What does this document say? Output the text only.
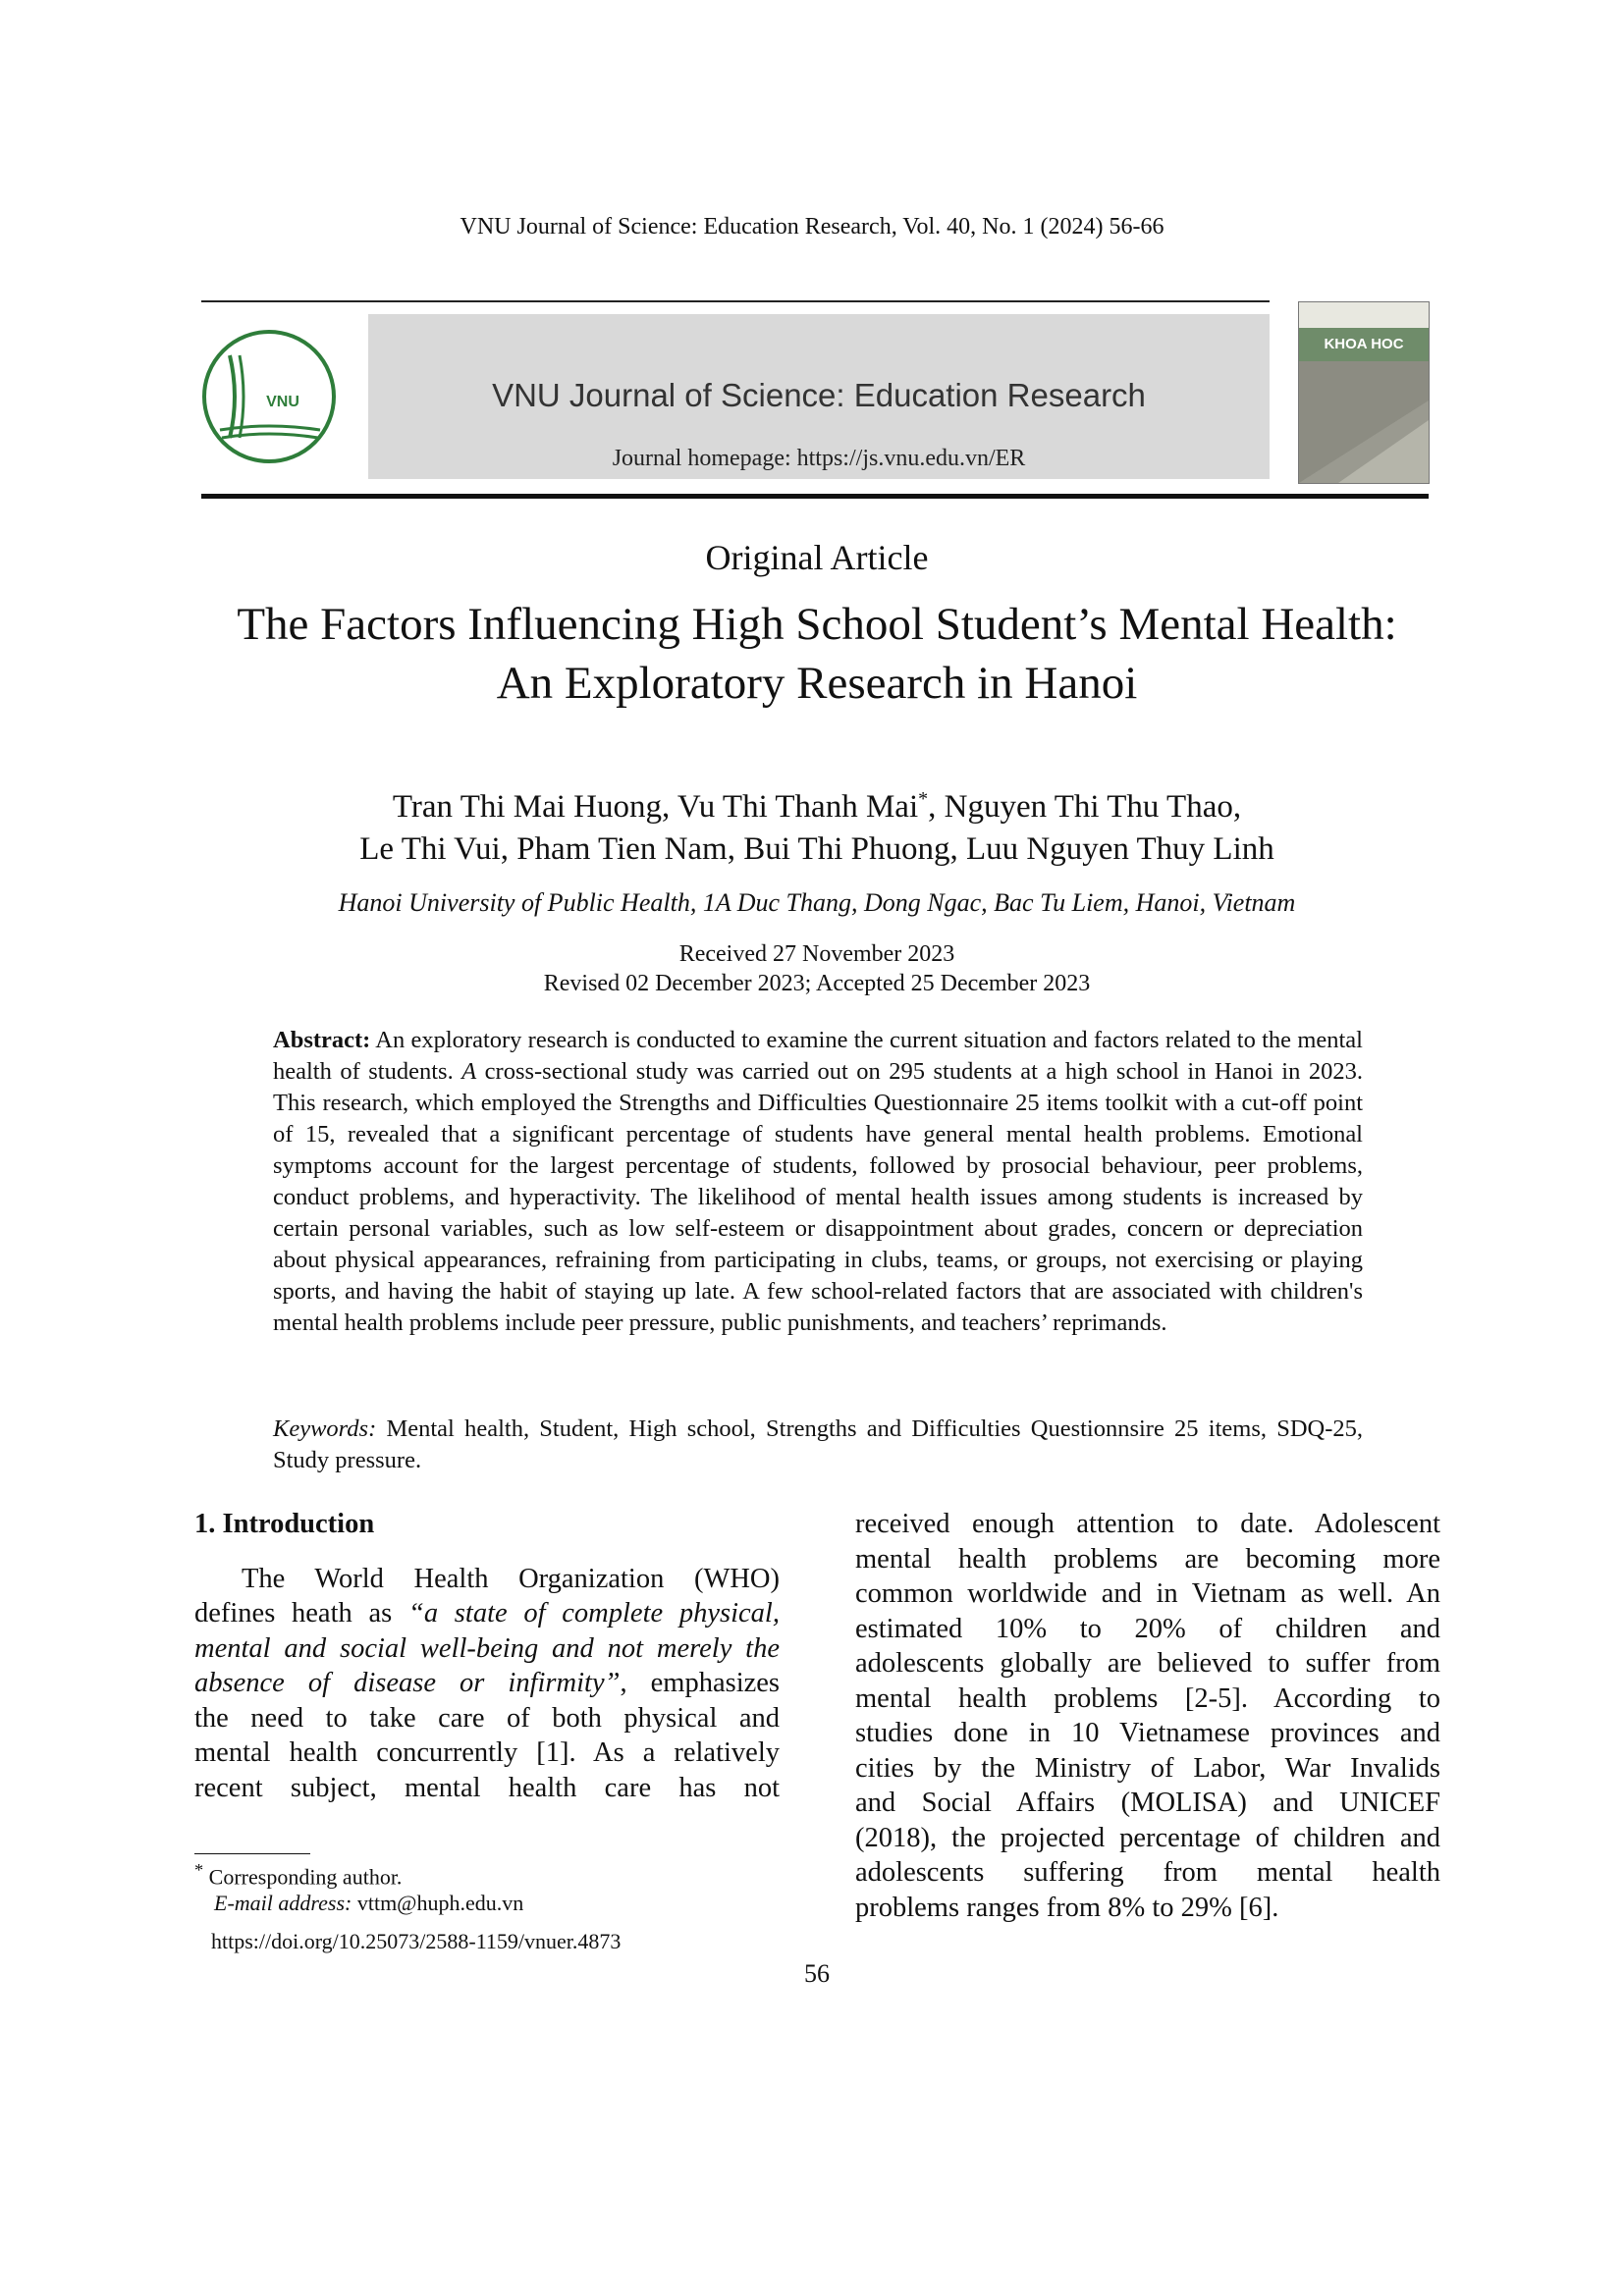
VNU Journal of Science: Education Research, Vol. 40, No. 1 (2024) 56-66
VNU	VNU Journal of Science: Education Research
Journal homepage: https://js.vnu.edu.vn/ER
KHOA HOC
Original Article
The Factors Influencing High School Student’s Mental Health:
An Exploratory Research in Hanoi
Tran Thi Mai Huong, Vu Thi Thanh Mai*, Nguyen Thi Thu Thao,
Le Thi Vui, Pham Tien Nam, Bui Thi Phuong, Luu Nguyen Thuy Linh
Hanoi University of Public Health, 1A Duc Thang, Dong Ngac, Bac Tu Liem, Hanoi, Vietnam
Received 27 November 2023
Revised 02 December 2023; Accepted 25 December 2023
Abstract: An exploratory research is conducted to examine the current situation and factors related to the mental health of students. A cross-sectional study was carried out on 295 students at a high school in Hanoi in 2023. This research, which employed the Strengths and Difficulties Questionnaire 25 items toolkit with a cut-off point of 15, revealed that a significant percentage of students have general mental health problems. Emotional symptoms account for the largest percentage of students, followed by prosocial behaviour, peer problems, conduct problems, and hyperactivity. The likelihood of mental health issues among students is increased by certain personal variables, such as low self-esteem or disappointment about grades, concern or depreciation about physical appearances, refraining from participating in clubs, teams, or groups, not exercising or playing sports, and having the habit of staying up late. A few school-related factors that are associated with children's mental health problems include peer pressure, public punishments, and teachers’ reprimands.
Keywords: Mental health, Student, High school, Strengths and Difficulties Questionnsire 25 items, SDQ-25, Study pressure.
1. Introduction
The World Health Organization (WHO)
defines heath as “a state of complete physical,
mental and social well-being and not merely the
absence of disease or infirmity”, emphasizes
the need to take care of both physical and
mental health concurrently [1]. As a relatively
recent subject, mental health care has not
received enough attention to date. Adolescent
mental health problems are becoming more
common worldwide and in Vietnam as well. An
estimated 10% to 20% of children and
adolescents globally are believed to suffer from
mental health problems [2-5]. According to
studies done in 10 Vietnamese provinces and
cities by the Ministry of Labor, War Invalids
and Social Affairs (MOLISA) and UNICEF
(2018), the projected percentage of children and
adolescents suffering from mental health
problems ranges from 8% to 29% [6].
* Corresponding author.
E-mail address: vttm@huph.edu.vn
https://doi.org/10.25073/2588-1159/vnuer.4873
56
